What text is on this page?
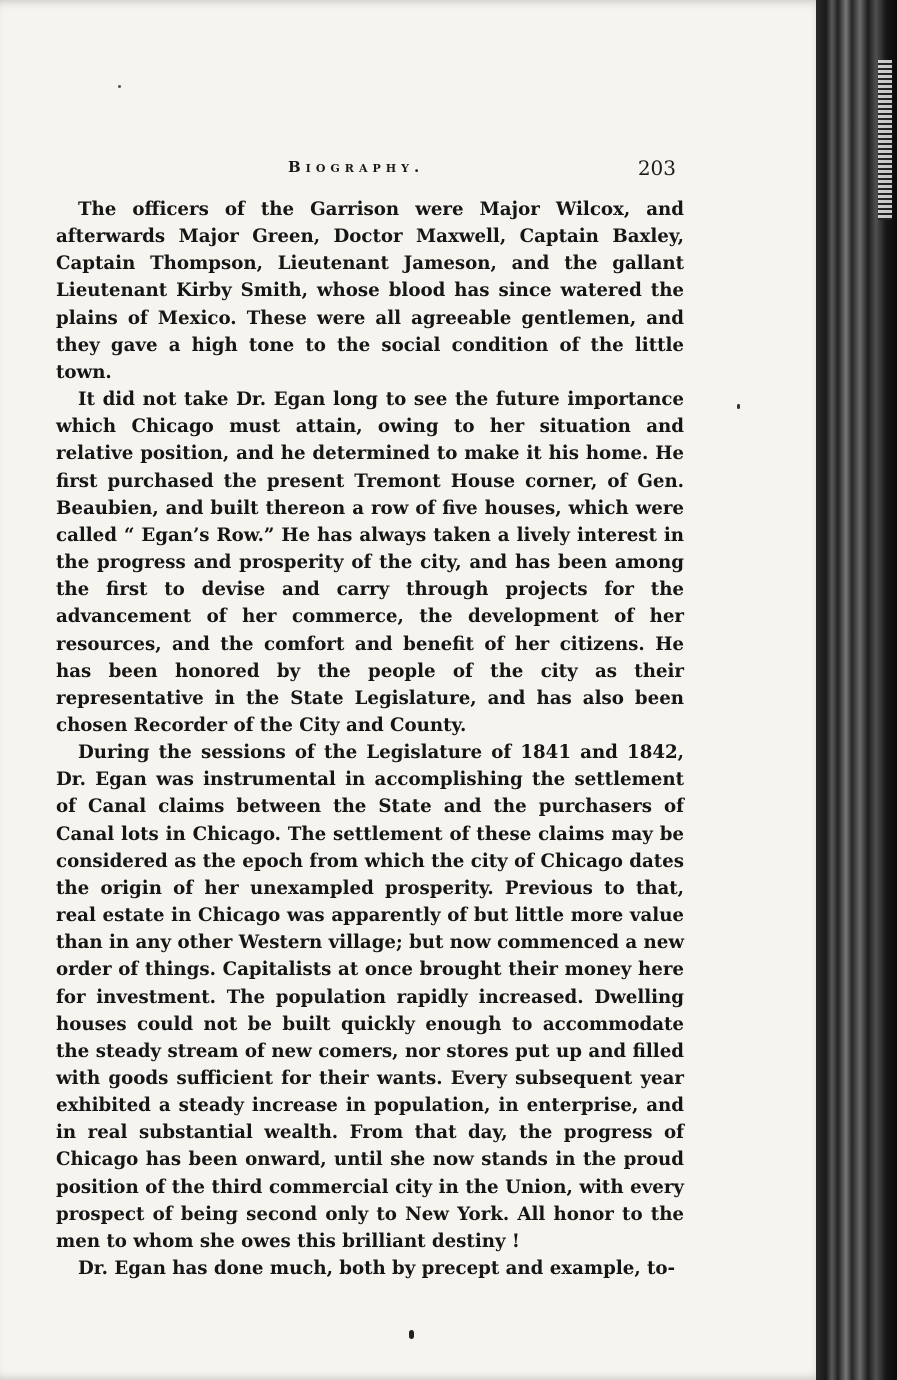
Biography.	203

The officers of the Garrison were Major Wilcox, and afterwards Major Green, Doctor Maxwell, Captain Baxley, Captain Thompson, Lieutenant Jameson, and the gallant Lieutenant Kirby Smith, whose blood has since watered the plains of Mexico. These were all agreeable gentlemen, and they gave a high tone to the social condition of the little town.

It did not take Dr. Egan long to see the future importance which Chicago must attain, owing to her situation and relative position, and he determined to make it his home. He first purchased the present Tremont House corner, of Gen. Beaubien, and built thereon a row of five houses, which were called “ Egan’s Row.” He has always taken a lively interest in the progress and prosperity of the city, and has been among the first to devise and carry through projects for the advancement of her commerce, the development of her resources, and the comfort and benefit of her citizens. He has been honored by the people of the city as their representative in the State Legislature, and has also been chosen Recorder of the City and County.

During the sessions of the Legislature of 1841 and 1842, Dr. Egan was instrumental in accomplishing the settlement of Canal claims between the State and the purchasers of Canal lots in Chicago. The settlement of these claims may be considered as the epoch from which the city of Chicago dates the origin of her unexampled prosperity. Previous to that, real estate in Chicago was apparently of but little more value than in any other Western village; but now commenced a new order of things. Capitalists at once brought their money here for investment. The population rapidly increased. Dwelling houses could not be built quickly enough to accommodate the steady stream of new comers, nor stores put up and filled with goods sufficient for their wants. Every subsequent year exhibited a steady increase in population, in enterprise, and in real substantial wealth. From that day, the progress of Chicago has been onward, until she now stands in the proud position of the third commercial city in the Union, with every prospect of being second only to New York. All honor to the men to whom she owes this brilliant destiny !

Dr. Egan has done much, both by precept and example, to-
